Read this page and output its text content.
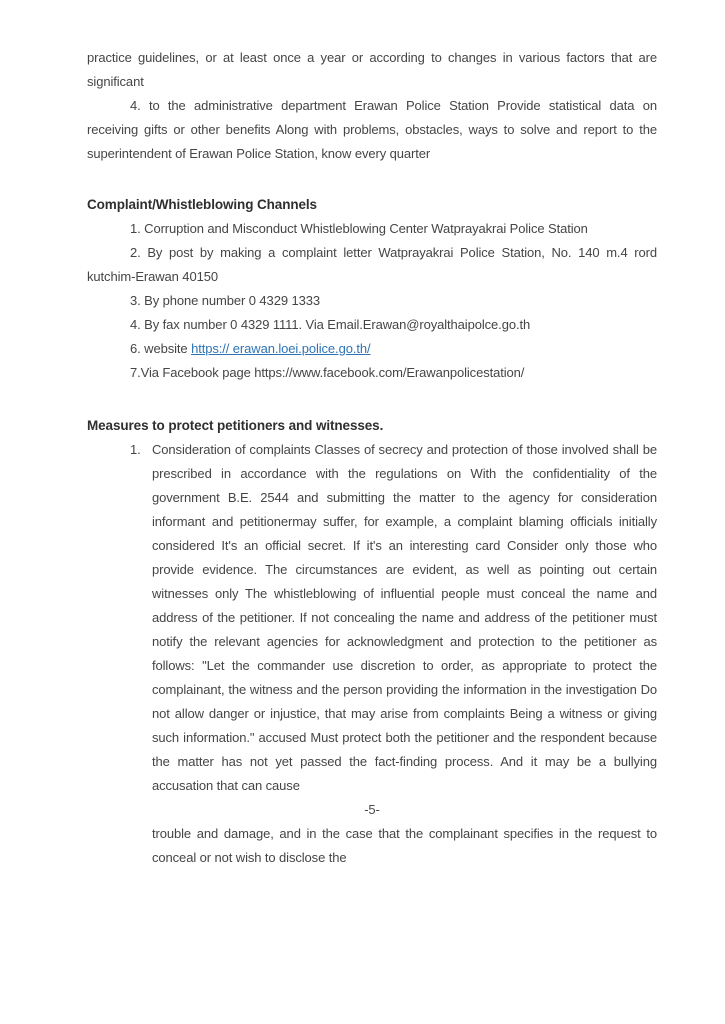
practice guidelines, or at least once a year or according to changes in various factors that are significant

4. to the administrative department Erawan Police Station Provide statistical data on receiving gifts or other benefits Along with problems, obstacles, ways to solve and report to the superintendent of Erawan Police Station, know every quarter

Complaint/Whistleblowing Channels

1. Corruption and Misconduct Whistleblowing Center Watprayakrai Police Station

2. By post by making a complaint letter Watprayakrai Police Station, No. 140 m.4 rord kutchim-Erawan 40150

3. By phone number 0 4329 1333

4. By fax number 0 4329 1111. Via Email.Erawan@royalthaipolce.go.th

6. website https:// erawan.loei.police.go.th/

7.Via Facebook page https://www.facebook.com/Erawanpolicestation/

Measures to protect petitioners and witnesses.

1. Consideration of complaints Classes of secrecy and protection of those involved shall be prescribed in accordance with the regulations on With the confidentiality of the government B.E. 2544 and submitting the matter to the agency for consideration informant and petitionermay suffer, for example, a complaint blaming officials initially considered It's an official secret. If it's an interesting card Consider only those who provide evidence. The circumstances are evident, as well as pointing out certain witnesses only The whistleblowing of influential people must conceal the name and address of the petitioner. If not concealing the name and address of the petitioner must notify the relevant agencies for acknowledgment and protection to the petitioner as follows: "Let the commander use discretion to order, as appropriate to protect the complainant, the witness and the person providing the information in the investigation Do not allow danger or injustice, that may arise from complaints Being a witness or giving such information." accused Must protect both the petitioner and the respondent because the matter has not yet passed the fact-finding process. And it may be a bullying accusation that can cause
-5-
trouble and damage, and in the case that the complainant specifies in the request to conceal or not wish to disclose the
